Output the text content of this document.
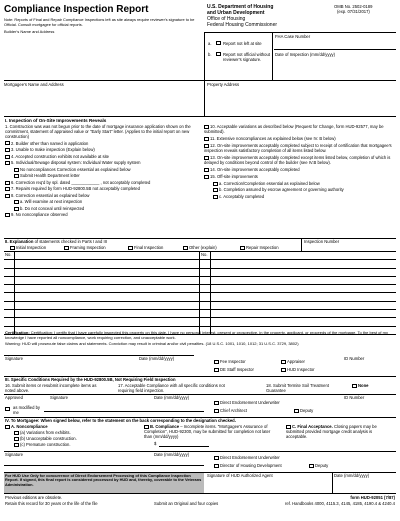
Compliance Inspection Report
Note: Reports of Final and Repair Compliance Inspections left as site always require reviewer's signature to be Official. Consult mortgagee for official reports.
Builder's Name and Address
U.S. Department of Housing
and Urban Development
Office of Housing
Federal Housing Commissioner
OMB No. 2502-0189
(exp. 07/31/2017)
a.	Report not left at site
b.	Report not official without reviewer's signature.
FHA Case Number
Date of Inspection (mm/dd/yyyy)
Mortgagee's Name and Address	Property Address
I. Inspection of On-Site Improvements Reveals
1. Construction was was not begun prior to the date of mortgage insurance application shown on the commitment, statement of appraised value or "Early Start" letter. (Applies to the initial report on new construction)
2. Builder other than named in application
3. Unable to make inspection (Explain below)
4. Accepted construction exhibits not available at site
5. Individual/Sewage disposal system: Individual Water supply system
No nonconpliances Correction essential as explained below
Submit Health Department letter
6. Correction req'd by spl. dated ____________ , not acceptably completed
7. Repairs required by form HUD-92800.5B not acceptably completed
8. Correction essential as explained below
a. Will examine at next inspection
b. Do not conceal until reinspected
9. No nonconpliance observed
10. Acceptable variations as described below (Request for Change, form HUD-92577, may be submitted).
11. Extensive noncompliances as explained below (see IV. B below)
12. On-site improvements acceptably completed subject to receipt of certification that mortgagee's inspection reveals satisfactory completion of all items listed below.
13. On-site improvements acceptably completed except items listed below, completion of which is delayed by conditions beyond control of the builder (see IV.B below).
14. On-site improvements acceptably completed
15. Off-site improvements
a. Correction/Completion essential as explained below
b. Completion assured by escrow agreement or governing authority
c. Acceptably completed
II. Explanation of statements checked in Parts I and III
Initial Inspection	Framing Inspection	Final Inspection	Other (explain)	Repair Inspection
Inspection Number
No.	No.
Certification: Certification: I certify that I have carefully inspected this property on this date. I have no personal interest, present or prospective, in the property, applicant, or proceeds of the mortgage. To the best of my knowledge I have reported all noncompliance, work requiring correction, and unacceptable work.
Warning: HUD will prosecute false claims and statements. Conviction may result in criminal and/or civil penalties. (18 U.S.C. 1001, 1010, 1012; 31 U.S.C. 3729, 3802)
Signature	Date (mm/dd/yyyy)
Fee Inspector
DE Staff Inspector
Appraiser
HUD Inspector
ID Number
III. Specific Conditions Required by the HUD-92800.5B, Not Requiring Field Inspection
16. Submit items or resubmit incomplete items as noted above.
17. Acceptable Compliance with all specific conditions not requiring field inspection.
18. Submit Termite Soil Treatment Guarantee
None
Approved	Signature	Date (mm/dd/yyyy)	ID Number
as modified by me
Direct Endorsement Underwriter
Chief Architect	Deputy
IV. To Mortgagee: When signed below, refer to the statement on the back corresponding to the designation checked.
A. Noncompliance
(a) Variations from exhibits.
(b) Unacceptable construction.
(c) Premature construction.
B. Compliance – Incomplete items. "Mortgagee's Assurance of Completion", HUD-92300, may be submitted for completion not later than (mm/dd/yyyy)
$
C. Final Acceptance. Closing papers may be submitted provided mortgage credit analysis is acceptable.
Signature	Date (mm/dd/yyyy)
Direct Endorsement Underwriter
Director of Housing Development	Deputy
For HUD Use Only for concurrence of Direct Endorsement Processing of this Compliance Inspection Report. If signed, this final report is considered processed by HUD and, thereby, coverable to the Veterans Administration.
Signature of HUD Authorized Agent	Date (mm/dd/yyyy)
Previous editions are obsolete.	form HUD-92051 (7/87)
Retain this record for 30 years or the life of the file	Submit an Original and four copies	ref. Handbooks 4000, 4115.3, 4145, 4185, 4190.4 & 4240.4
